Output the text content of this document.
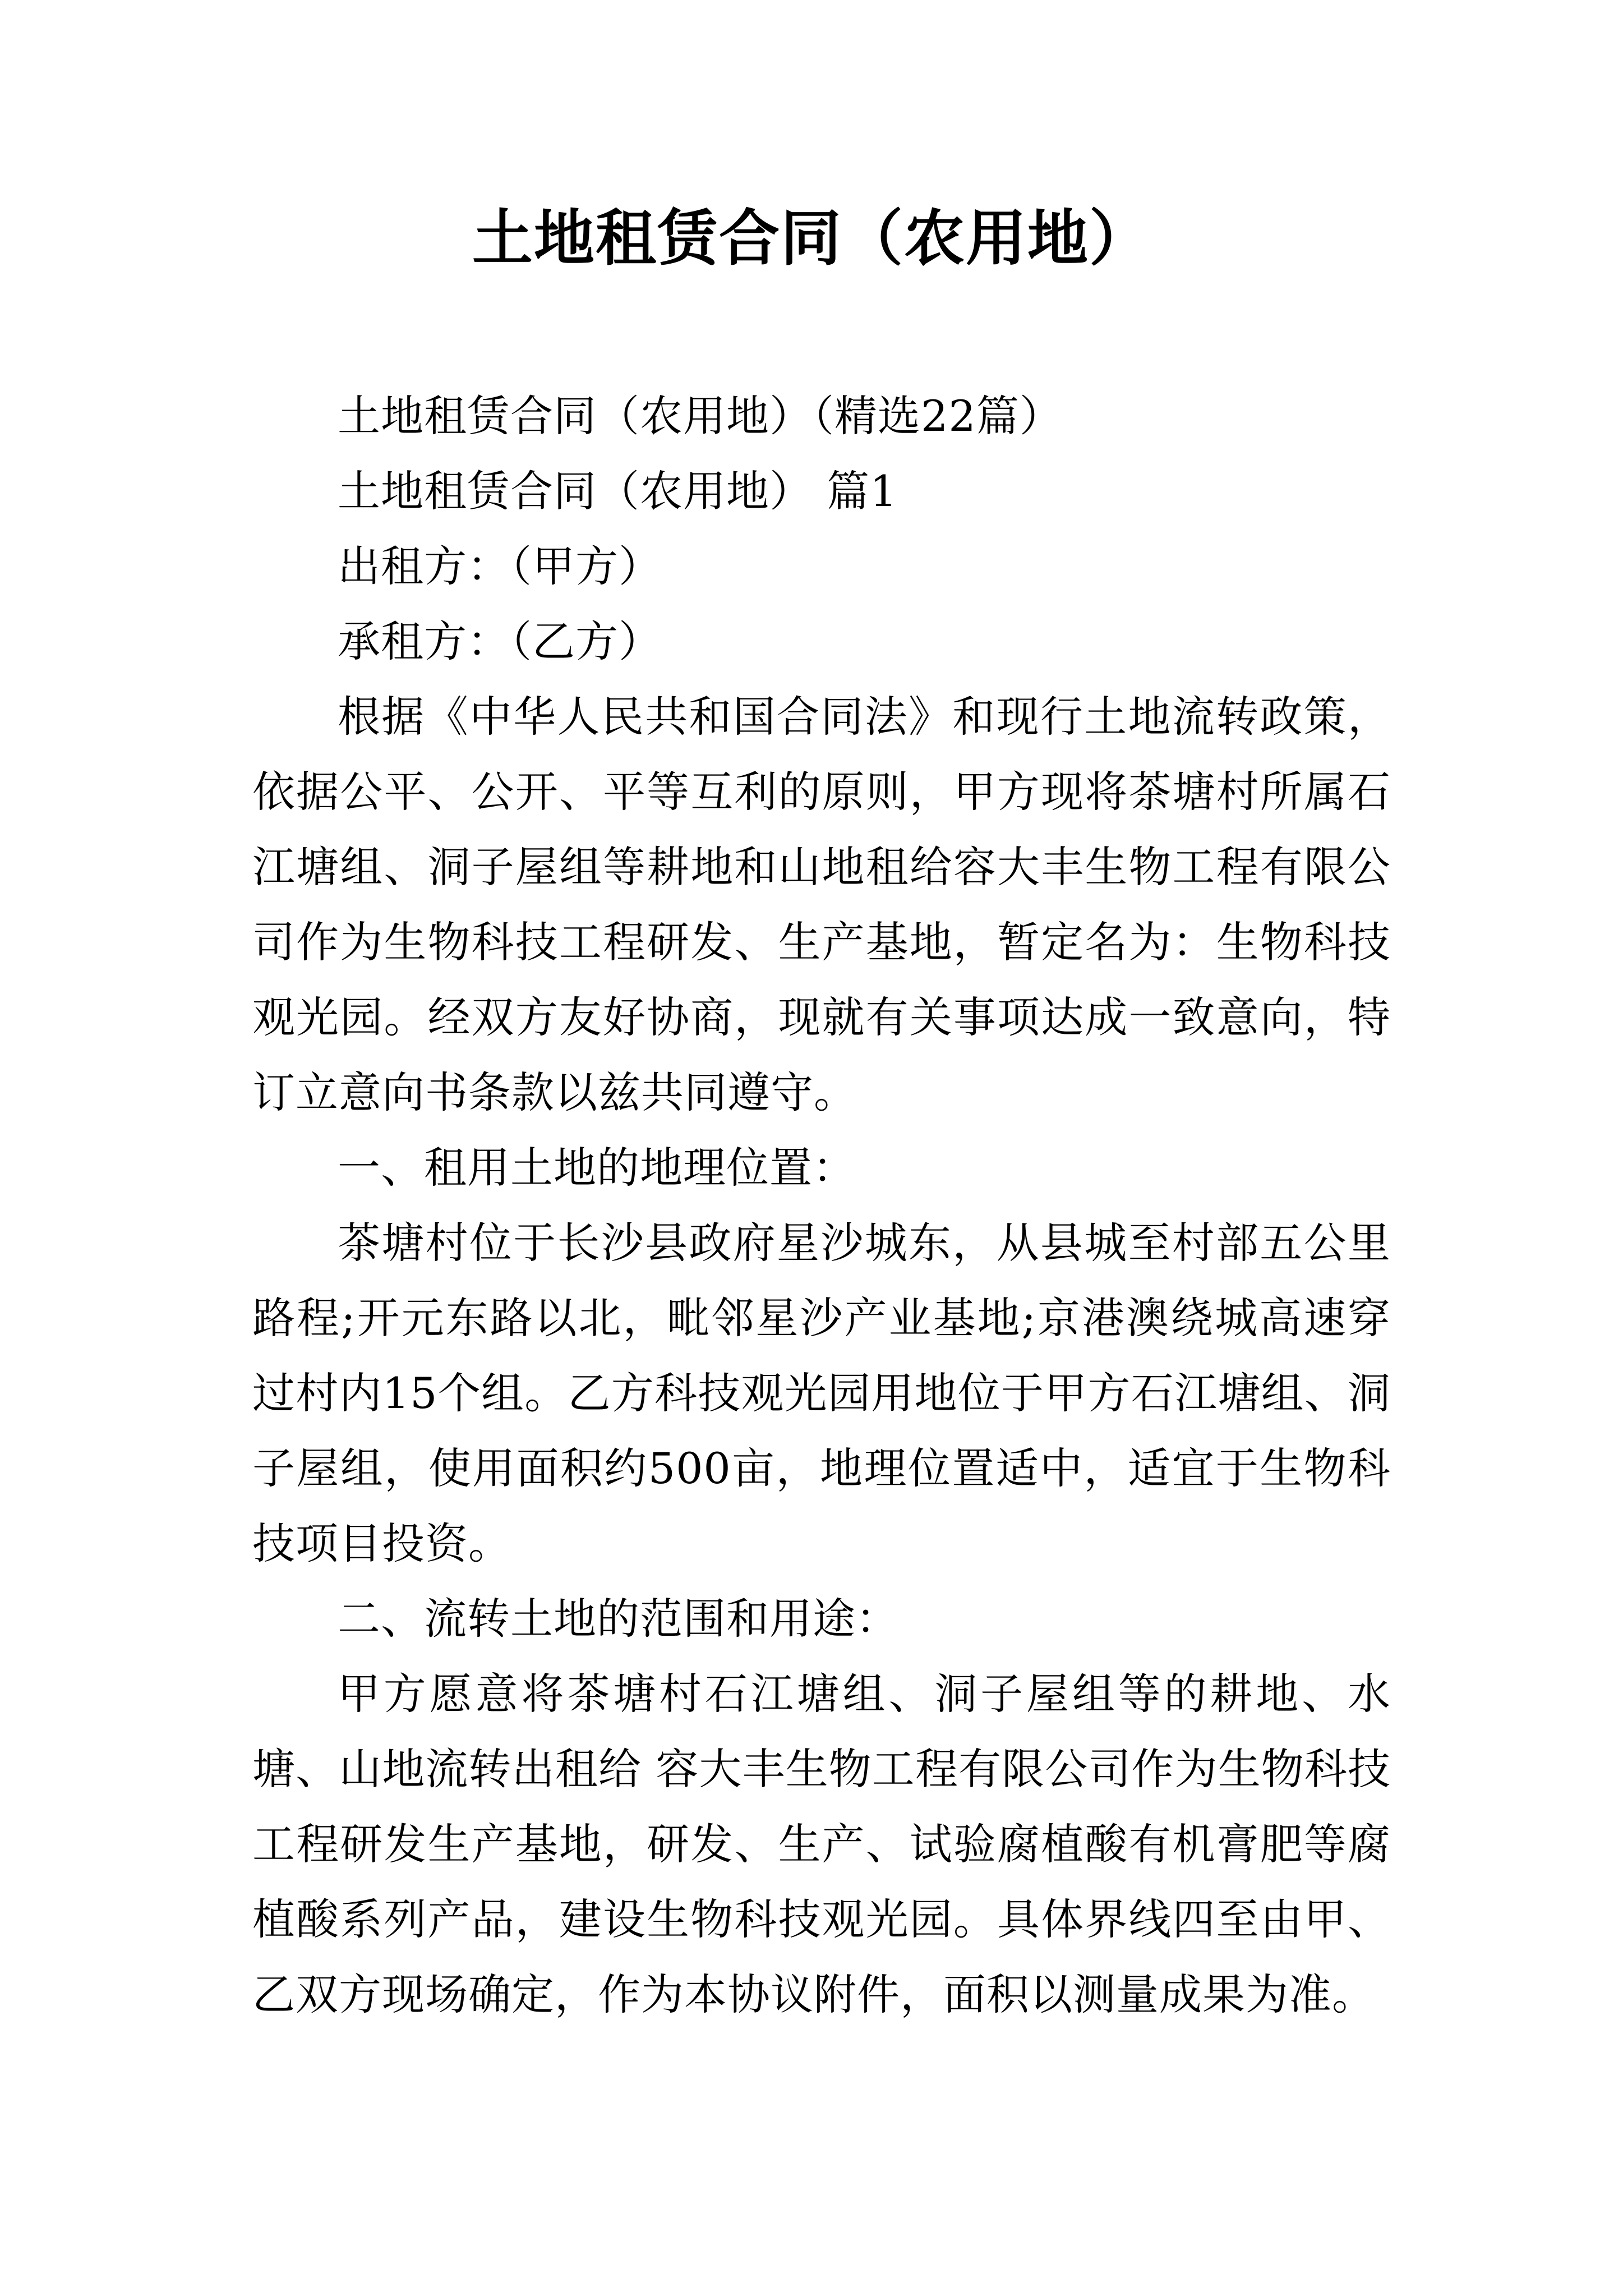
土地租赁合同（农用地）

土地租赁合同（农用地）（精选22篇）

土地租赁合同（农用地） 篇1

出租方：（甲方）

承租方：（乙方）

根据《中华人民共和国合同法》和现行土地流转政策，依据公平、公开、平等互利的原则，甲方现将茶塘村所属石江塘组、洞子屋组等耕地和山地租给容大丰生物工程有限公司作为生物科技工程研发、生产基地，暂定名为：生物科技观光园。经双方友好协商，现就有关事项达成一致意向，特订立意向书条款以兹共同遵守。

一、租用土地的地理位置：

茶塘村位于长沙县政府星沙城东，从县城至村部五公里路程;开元东路以北，毗邻星沙产业基地;京港澳绕城高速穿过村内15个组。乙方科技观光园用地位于甲方石江塘组、洞子屋组，使用面积约500亩，地理位置适中，适宜于生物科技项目投资。

二、流转土地的范围和用途：

甲方愿意将茶塘村石江塘组、洞子屋组等的耕地、水塘、山地流转出租给 容大丰生物工程有限公司作为生物科技工程研发生产基地，研发、生产、试验腐植酸有机膏肥等腐植酸系列产品，建设生物科技观光园。具体界线四至由甲、乙双方现场确定，作为本协议附件，面积以测量成果为准。
